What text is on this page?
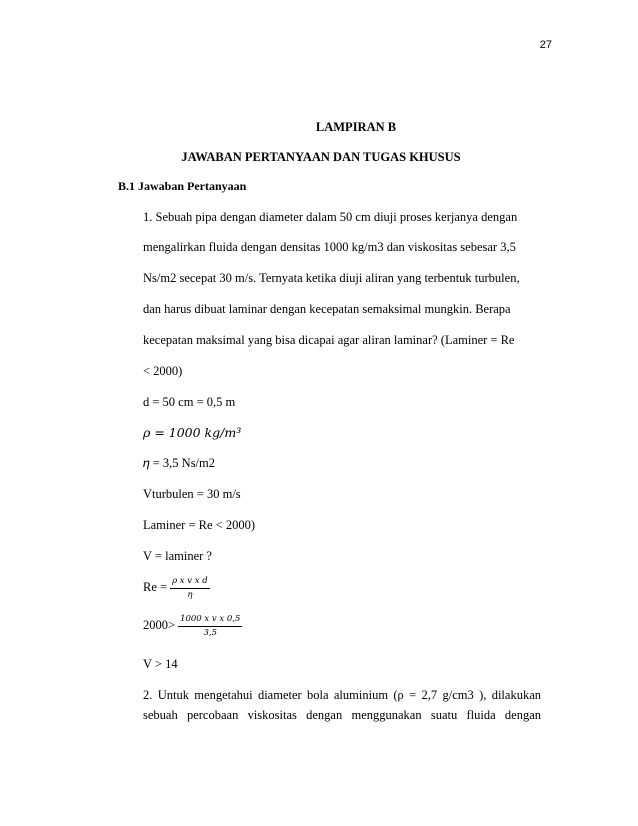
27
LAMPIRAN B
JAWABAN PERTANYAAN DAN TUGAS KHUSUS
B.1 Jawaban Pertanyaan
1. Sebuah pipa dengan diameter dalam 50 cm diuji proses kerjanya dengan
mengalirkan fluida dengan densitas 1000 kg/m3 dan viskositas sebesar 3,5
Ns/m2 secepat 30 m/s. Ternyata ketika diuji aliran yang terbentuk turbulen,
dan harus dibuat laminar dengan kecepatan semaksimal mungkin. Berapa
kecepatan maksimal yang bisa dicapai agar aliran laminar? (Laminer = Re
< 2000)
d = 50 cm = 0,5 m
𝜌 = 1000 𝑘𝑔/𝑚³
𝜂 = 3,5 Ns/m2
Vturbulen = 30 m/s
Laminer = Re < 2000)
V = laminer ?
$Re = \frac{\text{𝜌 𝑥 𝑣 𝑥 𝑑}}{\text{𝜂}}$
$2000> \frac{\text{1000 𝑥 𝑣 𝑥 0,5}}{3,5}$
V > 14
2. Untuk mengetahui diameter bola aluminium (ρ = 2,7 g/cm3 ), dilakukan
sebuah percobaan viskositas dengan menggunakan suatu fluida dengan
